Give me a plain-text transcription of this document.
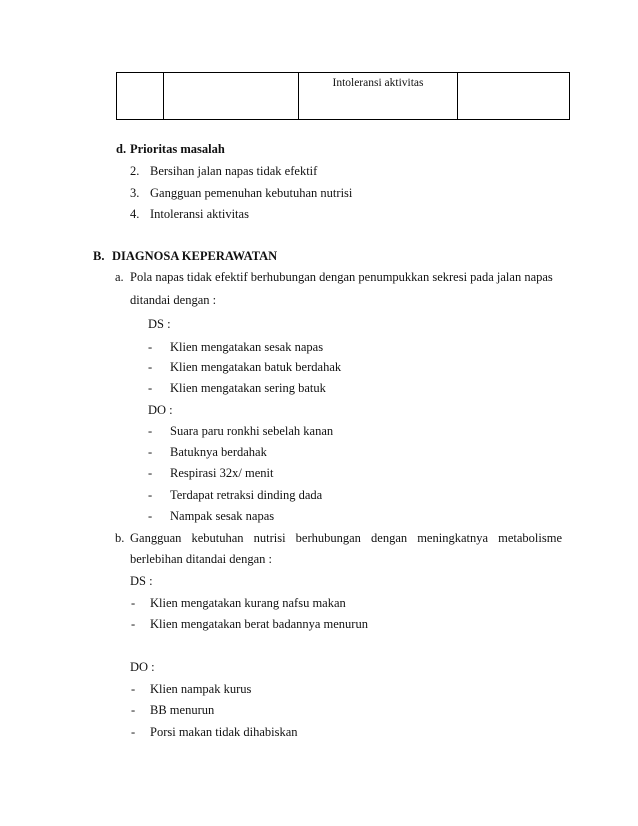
		Intoleransi aktivitas	
d. Prioritas masalah
2. Bersihan jalan napas tidak efektif
3. Gangguan pemenuhan kebutuhan nutrisi
4. Intoleransi aktivitas
B. DIAGNOSA KEPERAWATAN
a. Pola napas tidak efektif berhubungan dengan penumpukkan sekresi pada jalan napas
ditandai dengan :
DS :
- Klien mengatakan sesak napas
- Klien mengatakan batuk berdahak
- Klien mengatakan sering batuk
DO :
- Suara paru ronkhi sebelah kanan
- Batuknya berdahak
- Respirasi 32x/ menit
- Terdapat retraksi dinding dada
- Nampak sesak napas
b. Gangguan kebutuhan nutrisi berhubungan dengan meningkatnya metabolisme
berlebihan ditandai dengan :
DS :
- Klien mengatakan kurang nafsu makan
- Klien mengatakan berat badannya menurun
DO :
- Klien nampak kurus
- BB menurun
- Porsi makan tidak dihabiskan
